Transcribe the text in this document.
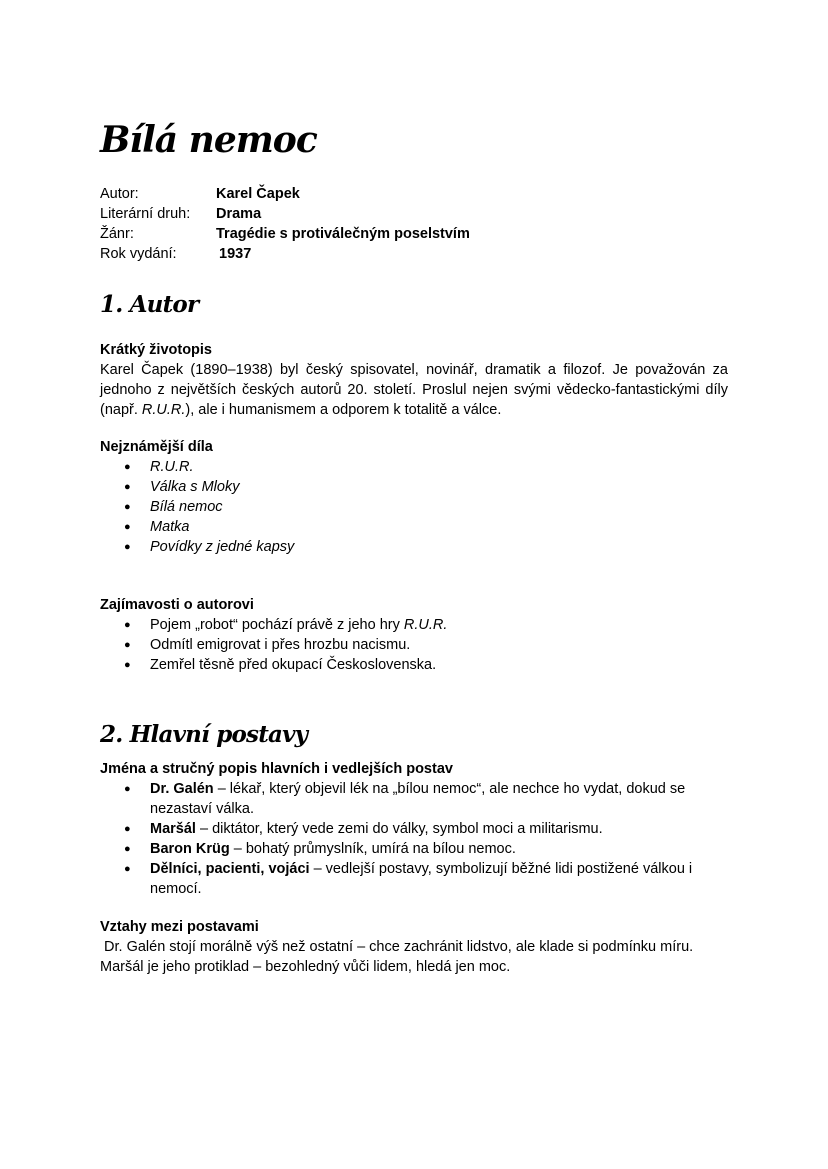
Bílá nemoc
Autor:	Karel Čapek
Literární druh:	Drama
Žánr:	Tragédie s protiválečným poselstvím
Rok vydání:	1937
1. Autor

Krátký životopis

Karel Čapek (1890–1938) byl český spisovatel, novinář, dramatik a filozof. Je považován za jednoho z největších českých autorů 20. století. Proslul nejen svými vědecko-fantastickými díly (např. R.U.R.), ale i humanismem a odporem k totalitě a válce.

Nejznámější díla

● R.U.R.
● Válka s Mloky
● Bílá nemoc
● Matka
● Povídky z jedné kapsy

Zajímavosti o autorovi

● Pojem „robot“ pochází právě z jeho hry R.U.R.
● Odmítl emigrovat i přes hrozbu nacismu.
● Zemřel těsně před okupací Československa.
2. Hlavní postavy

Jména a stručný popis hlavních i vedlejších postav

● Dr. Galén – lékař, který objevil lék na „bílou nemoc“, ale nechce ho vydat, dokud se nezastaví válka.
● Maršál – diktátor, který vede zemi do války, symbol moci a militarismu.
● Baron Krüg – bohatý průmyslník, umírá na bílou nemoc.
● Dělníci, pacienti, vojáci – vedlejší postavy, symbolizují běžné lidi postižené válkou i nemocí.

Vztahy mezi postavami

Dr. Galén stojí morálně výš než ostatní – chce zachránit lidstvo, ale klade si podmínku míru.

Maršál je jeho protiklad – bezohledný vůči lidem, hledá jen moc.
